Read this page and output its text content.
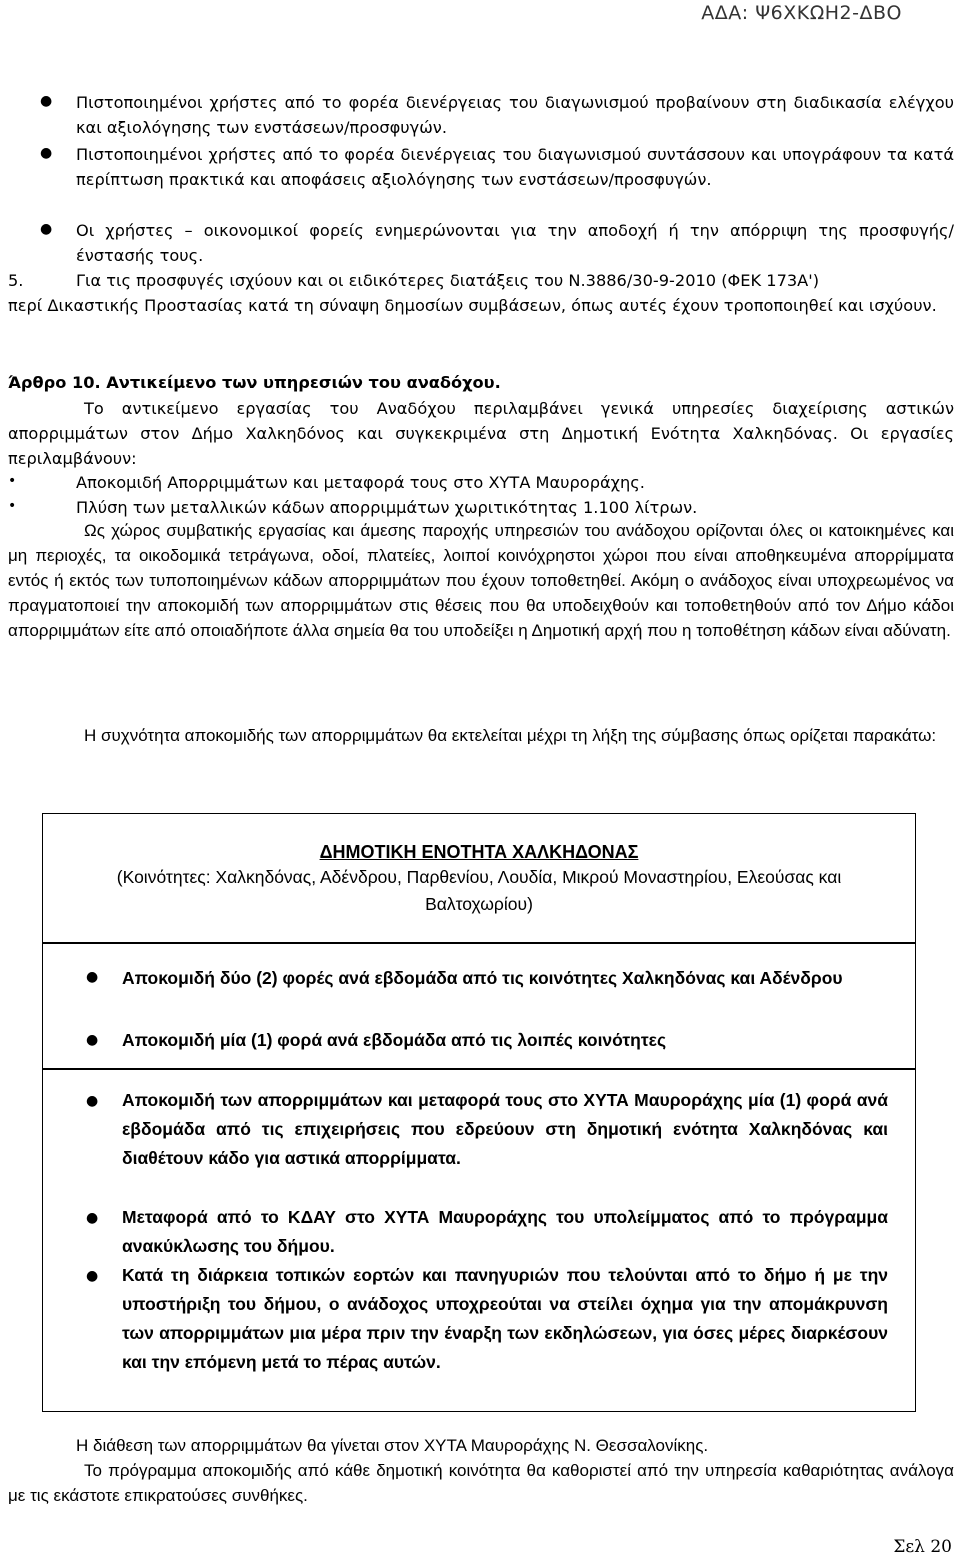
ΑΔΑ: Ψ6ΧΚΩΗ2-ΔΒΟ
● Πιστοποιημένοι χρήστες από το φορέα διενέργειας του διαγωνισμού προβαίνουν στη διαδικασία ελέγχου και αξιολόγησης των ενστάσεων/προσφυγών.
● Πιστοποιημένοι χρήστες από το φορέα διενέργειας του διαγωνισμού συντάσσουν και υπογράφουν τα κατά περίπτωση πρακτικά και αποφάσεις αξιολόγησης των ενστάσεων/προσφυγών.
● Οι χρήστες – οικονομικοί φορείς ενημερώνονται για την αποδοχή ή την απόρριψη της προσφυγής/ένστασής τους.
5.	Για τις προσφυγές ισχύουν και οι ειδικότερες διατάξεις του Ν.3886/30-9-2010 (ΦΕΚ 173Α')
περί Δικαστικής Προστασίας κατά τη σύναψη δημοσίων συμβάσεων, όπως αυτές έχουν τροποποιηθεί και ισχύουν.
Άρθρο 10. Αντικείμενο των υπηρεσιών του αναδόχου.
Το αντικείμενο εργασίας του Αναδόχου περιλαμβάνει γενικά υπηρεσίες διαχείρισης αστικών απορριμμάτων στον Δήμο Χαλκηδόνος και συγκεκριμένα στη Δημοτική Ενότητα Χαλκηδόνας. Οι εργασίες περιλαμβάνουν:
•	Αποκομιδή Απορριμμάτων και μεταφορά τους στο ΧΥΤΑ Μαυροράχης.
•	Πλύση των μεταλλικών κάδων απορριμμάτων χωριτικότητας 1.100 λίτρων.
Ως χώρος συμβατικής εργασίας και άμεσης παροχής υπηρεσιών του ανάδοχου ορίζονται όλες οι κατοικημένες και μη περιοχές, τα οικοδομικά τετράγωνα, οδοί, πλατείες, λοιποί κοινόχρηστοι χώροι που είναι αποθηκευμένα απορρίμματα εντός ή εκτός των τυποποιημένων κάδων απορριμμάτων που έχουν τοποθετηθεί. Ακόμη ο ανάδοχος είναι υποχρεωμένος να πραγματοποιεί την αποκομιδή των απορριμμάτων στις θέσεις που θα υποδειχθούν και τοποθετηθούν από τον Δήμο κάδοι απορριμμάτων είτε από οποιαδήποτε άλλα σημεία θα του υποδείξει η Δημοτική αρχή που η τοποθέτηση κάδων είναι αδύνατη.
Η συχνότητα αποκομιδής των απορριμμάτων θα εκτελείται μέχρι τη λήξη της σύμβασης όπως ορίζεται παρακάτω:
ΔΗΜΟΤΙΚΗ ΕΝΟΤΗΤΑ ΧΑΛΚΗΔΟΝΑΣ
(Κοινότητες: Χαλκηδόνας, Αδένδρου, Παρθενίου, Λουδία, Μικρού Μοναστηρίου, Ελεούσας και Βαλτοχωρίου)
● Αποκομιδή δύο (2) φορές ανά εβδομάδα από τις κοινότητες Χαλκηδόνας και Αδένδρου
● Αποκομιδή μία (1) φορά ανά εβδομάδα από τις λοιπές κοινότητες
● Αποκομιδή των απορριμμάτων και μεταφορά τους στο ΧΥΤΑ Μαυροράχης μία (1) φορά ανά εβδομάδα από τις επιχειρήσεις που εδρεύουν στη δημοτική ενότητα Χαλκηδόνας και διαθέτουν κάδο για αστικά απορρίμματα.
● Μεταφορά από το ΚΔΑΥ στο ΧΥΤΑ Μαυροράχης του υπολείμματος από το πρόγραμμα ανακύκλωσης του δήμου.
● Κατά τη διάρκεια τοπικών εορτών και πανηγυριών που τελούνται από το δήμο ή με την υποστήριξη του δήμου, ο ανάδοχος υποχρεούται να στείλει όχημα για την απομάκρυνση των απορριμμάτων μια μέρα πριν την έναρξη των εκδηλώσεων, για όσες μέρες διαρκέσουν και την επόμενη μετά το πέρας αυτών.
Η διάθεση των απορριμμάτων θα γίνεται στον ΧΥΤΑ Μαυροράχης Ν. Θεσσαλονίκης.
Το πρόγραμμα αποκομιδής από κάθε δημοτική κοινότητα θα καθοριστεί από την υπηρεσία καθαριότητας ανάλογα με τις εκάστοτε επικρατούσες συνθήκες.
Σελ 20
